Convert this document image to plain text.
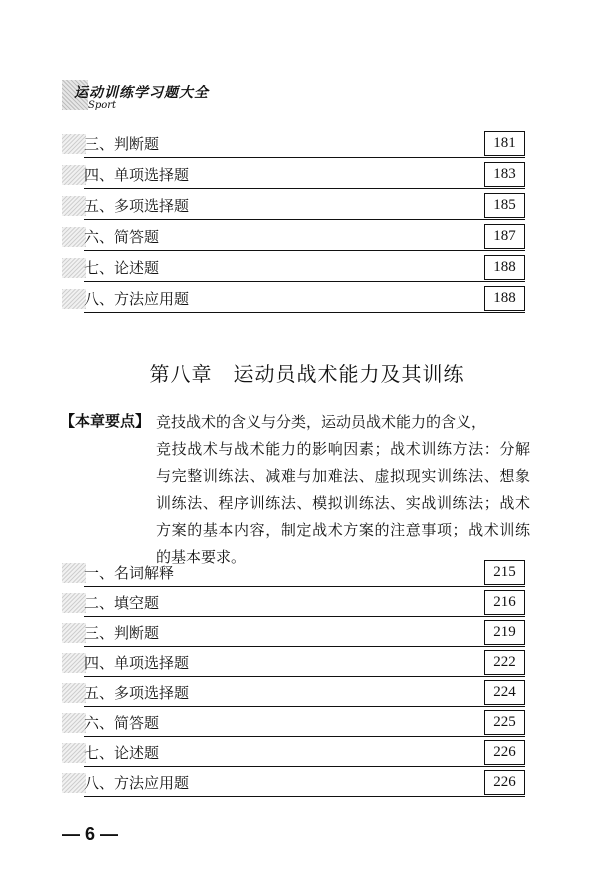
运动训练学习题大全
Sport
三、判断题	181
四、单项选择题	183
五、多项选择题	185
六、简答题	187
七、论述题	188
八、方法应用题	188
第八章　运动员战术能力及其训练
【本章要点】 竞技战术的含义与分类，运动员战术能力的含义，
竞技战术与战术能力的影响因素；战术训练方法：分解与完整训练法、减难与加难法、虚拟现实训练法、想象训练法、程序训练法、模拟训练法、实战训练法；战术方案的基本内容，制定战术方案的注意事项；战术训练的基本要求。
一、名词解释	215
二、填空题	216
三、判断题	219
四、单项选择题	222
五、多项选择题	224
六、简答题	225
七、论述题	226
八、方法应用题	226
— 6 —
